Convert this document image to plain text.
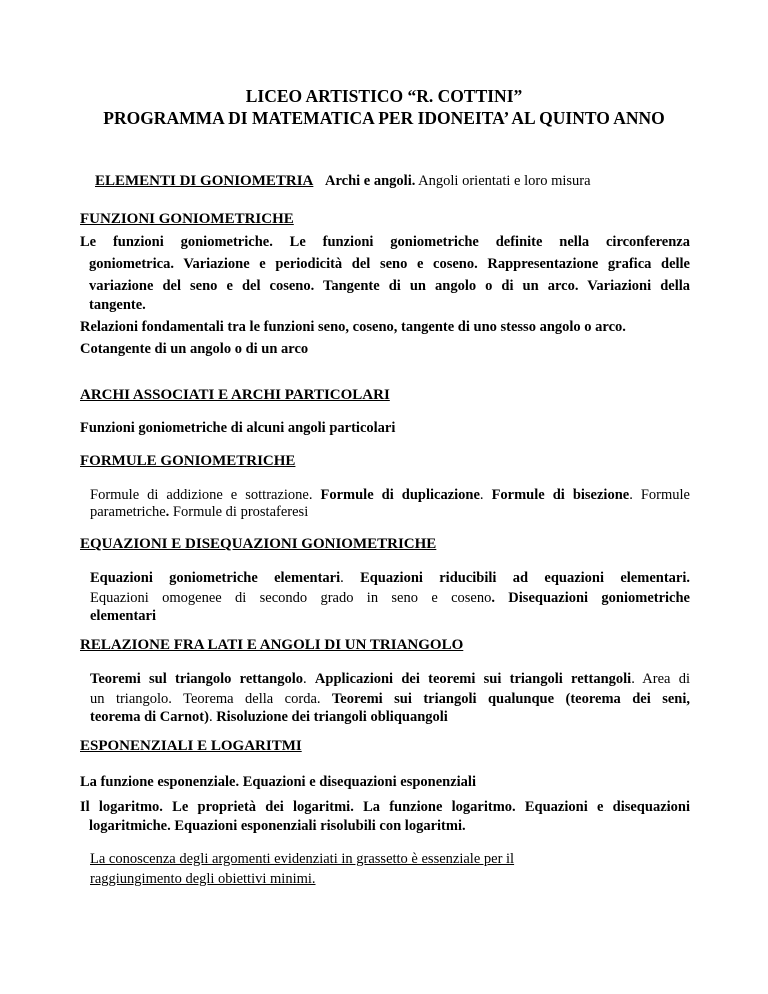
LICEO ARTISTICO “R. COTTINI”
PROGRAMMA DI MATEMATICA PER IDONEITA’ AL QUINTO ANNO
ELEMENTI DI GONIOMETRIA Archi e angoli. Angoli orientati e loro misura
FUNZIONI GONIOMETRICHE
Le funzioni goniometriche. Le funzioni goniometriche definite nella circonferenza
goniometrica. Variazione e periodicità del seno e coseno. Rappresentazione grafica delle
variazione del seno e del coseno. Tangente di un angolo o di un arco. Variazioni della
tangente.
Relazioni fondamentali tra le funzioni seno, coseno, tangente di uno stesso angolo o arco.
Cotangente di un angolo o di un arco
ARCHI ASSOCIATI E ARCHI PARTICOLARI
Funzioni goniometriche di alcuni angoli particolari
FORMULE GONIOMETRICHE
Formule di addizione e sottrazione. Formule di duplicazione. Formule di bisezione. Formule
parametriche. Formule di prostaferesi
EQUAZIONI E DISEQUAZIONI GONIOMETRICHE
Equazioni goniometriche elementari. Equazioni riducibili ad equazioni elementari.
Equazioni omogenee di secondo grado in seno e coseno. Disequazioni goniometriche
elementari
RELAZIONE FRA LATI E ANGOLI DI UN TRIANGOLO
Teoremi sul triangolo rettangolo. Applicazioni dei teoremi sui triangoli rettangoli. Area di
un triangolo. Teorema della corda. Teoremi sui triangoli qualunque (teorema dei seni,
teorema di Carnot). Risoluzione dei triangoli obliquangoli
ESPONENZIALI E LOGARITMI
La funzione esponenziale. Equazioni e disequazioni esponenziali
Il logaritmo. Le proprietà dei logaritmi. La funzione logaritmo. Equazioni e disequazioni
logaritmiche. Equazioni esponenziali risolubili con logaritmi.
La conoscenza degli argomenti evidenziati in grassetto è essenziale per il
raggiungimento degli obiettivi minimi.
